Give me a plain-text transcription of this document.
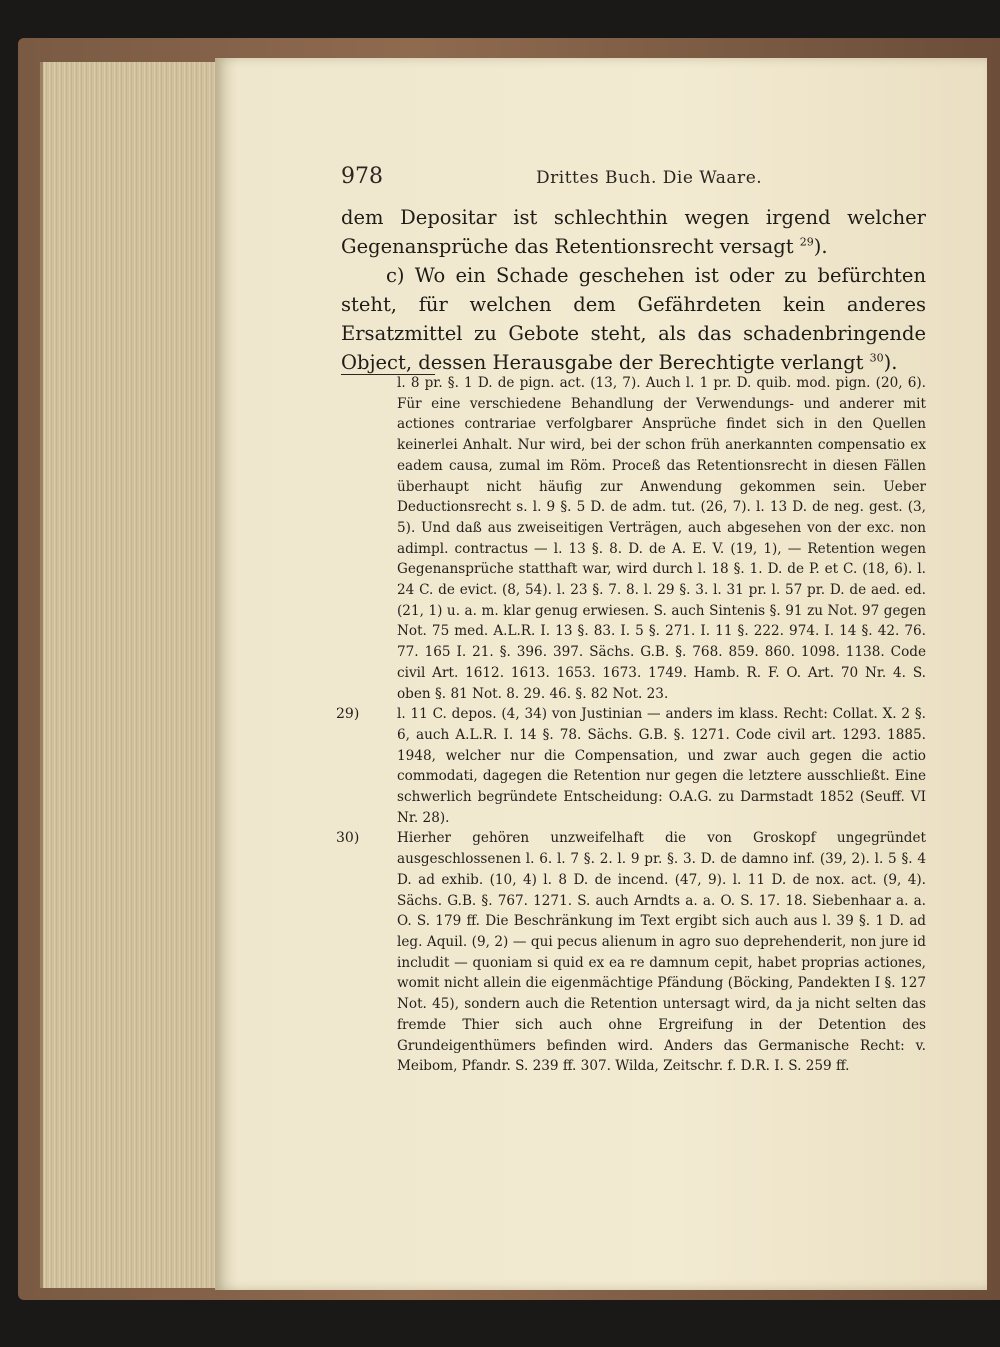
978	Drittes Buch. Die Waare.

dem Depositar ist schlechthin wegen irgend welcher Gegenansprüche das Retentionsrecht versagt $^{29}$).

c) Wo ein Schade geschehen ist oder zu befürchten steht, für welchen dem Gefährdeten kein anderes Ersatzmittel zu Gebote steht, als das schadenbringende Object, dessen Herausgabe der Berechtigte verlangt $^{30}$).

l. 8 pr. §. 1 D. de pign. act. (13, 7). Auch l. 1 pr. D. quib. mod. pign. (20, 6). Für eine verschiedene Behandlung der Verwendungs- und anderer mit actiones contrariae verfolgbarer Ansprüche findet sich in den Quellen keinerlei Anhalt. Nur wird, bei der schon früh anerkannten compensatio ex eadem causa, zumal im Röm. Proceß das Retentionsrecht in diesen Fällen überhaupt nicht häufig zur Anwendung gekommen sein. Ueber Deductionsrecht s. l. 9 §. 5 D. de adm. tut. (26, 7). l. 13 D. de neg. gest. (3, 5). Und daß aus zweiseitigen Verträgen, auch abgesehen von der exc. non adimpl. contractus — l. 13 §. 8. D. de A. E. V. (19, 1), — Retention wegen Gegenansprüche statthaft war, wird durch l. 18 §. 1. D. de P. et C. (18, 6). l. 24 C. de evict. (8, 54). l. 23 §. 7. 8. l. 29 §. 3. l. 31 pr. l. 57 pr. D. de aed. ed. (21, 1) u. a. m. klar genug erwiesen. S. auch Sintenis §. 91 zu Not. 97 gegen Not. 75 med. A.L.R. I. 13 §. 83. I. 5 §. 271. I. 11 §. 222. 974. I. 14 §. 42. 76. 77. 165 I. 21. §. 396. 397. Sächs. G.B. §. 768. 859. 860. 1098. 1138. Code civil Art. 1612. 1613. 1653. 1673. 1749. Hamb. R. F. O. Art. 70 Nr. 4. S. oben §. 81 Not. 8. 29. 46. §. 82 Not. 23.
29)	l. 11 C. depos. (4, 34) von Justinian — anders im klass. Recht: Collat. X. 2 §. 6, auch A.L.R. I. 14 §. 78. Sächs. G.B. §. 1271. Code civil art. 1293. 1885. 1948, welcher nur die Compensation, und zwar auch gegen die actio commodati, dagegen die Retention nur gegen die letztere ausschließt. Eine schwerlich begründete Entscheidung: O.A.G. zu Darmstadt 1852 (Seuff. VI Nr. 28).
30)	Hierher gehören unzweifelhaft die von Groskopf ungegründet ausgeschlossenen l. 6. l. 7 §. 2. l. 9 pr. §. 3. D. de damno inf. (39, 2). l. 5 §. 4 D. ad exhib. (10, 4) l. 8 D. de incend. (47, 9). l. 11 D. de nox. act. (9, 4). Sächs. G.B. §. 767. 1271. S. auch Arndts a. a. O. S. 17. 18. Siebenhaar a. a. O. S. 179 ff. Die Beschränkung im Text ergibt sich auch aus l. 39 §. 1 D. ad leg. Aquil. (9, 2) — qui pecus alienum in agro suo deprehenderit, non jure id includit — quoniam si quid ex ea re damnum cepit, habet proprias actiones, womit nicht allein die eigenmächtige Pfändung (Böcking, Pandekten I §. 127 Not. 45), sondern auch die Retention untersagt wird, da ja nicht selten das fremde Thier sich auch ohne Ergreifung in der Detention des Grundeigenthümers befinden wird. Anders das Germanische Recht: v. Meibom, Pfandr. S. 239 ff. 307. Wilda, Zeitschr. f. D.R. I. S. 259 ff.
